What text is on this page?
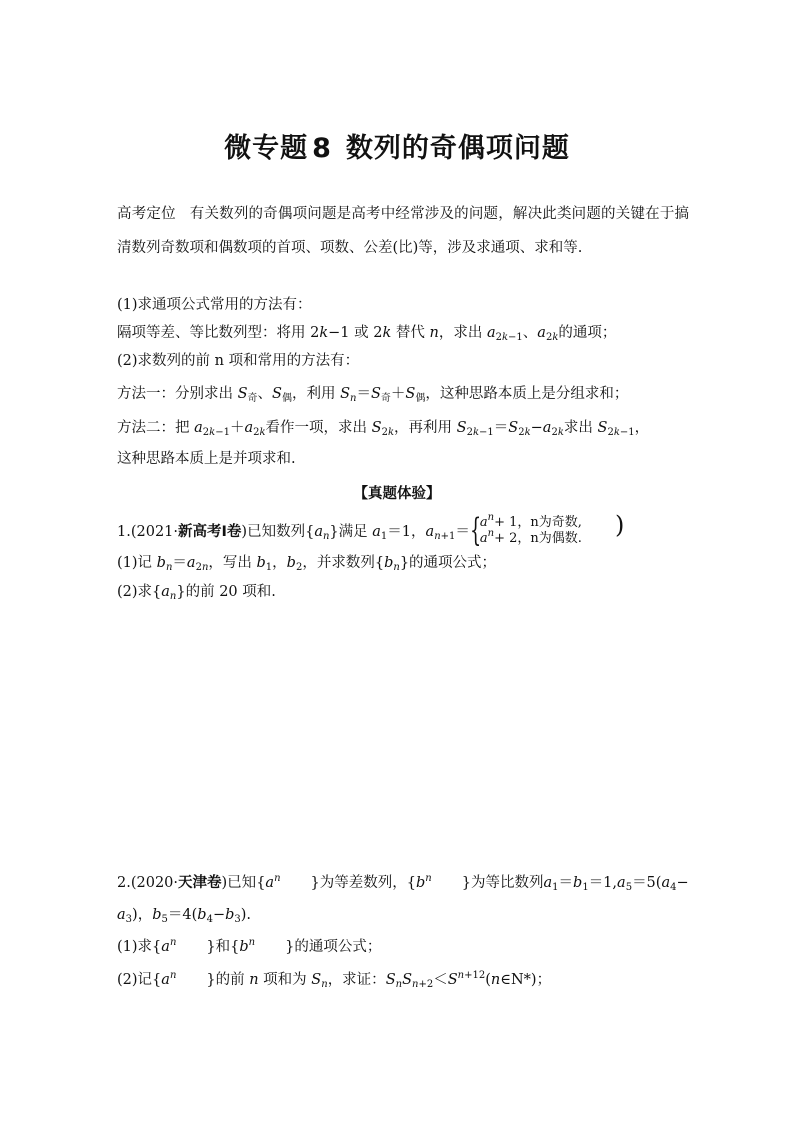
微专题 8 数列的奇偶项问题
高考定位 有关数列的奇偶项问题是高考中经常涉及的问题，解决此类问题的关键在于搞清数列奇数项和偶数项的首项、项数、公差(比)等，涉及求通项、求和等.
(1)求通项公式常用的方法有：
隔项等差、等比数列型：将用 2k−1 或 2k 替代 n，求出 $a_{2k-1}$、$a_{2k}$的通项；
(2)求数列的前 n 项和常用的方法有：
方法一：分别求出 $S_奇$、$S_偶$，利用 $S_n=S_奇+S_偶$，这种思路本质上是分组求和；
方法二：把 $a_{2k-1}+a_{2k}$看作一项，求出 $S_{2k}$，再利用 $S_{2k-1}=S_{2k}-a_{2k}$求出 $S_{2k-1}$，
这种思路本质上是并项求和.
【真题体验】
1.(2021·新高考Ⅰ卷)已知数列$\{a_n\}$满足 $a_1=1$，$a_{n+1}=$ {
$a^n+ 1$，n为奇数,
$a^n+ 2$，n为偶数. )
(1)记 $b_n=a_{2n}$，写出 $b_1$，$b_2$，并求数列$\{b_n\}$的通项公式；
(2)求$\{a_n\}$的前 20 项和.
2.(2020·天津卷)已知{$a^n$ }为等差数列，{$b^n$ }为等比数列$a_1=b_1=1,a_5=5(a_4-$
$a_3$)，$b_5=4(b_4-b_3)$.
(1)求{$a^n$ }和{$b^n$ }的通项公式；
(2)记{$a^n$ }的前 n 项和为 $S_n$，求证：$S_nS_{n+2}<S^{n+12}(n\in N*)$；
